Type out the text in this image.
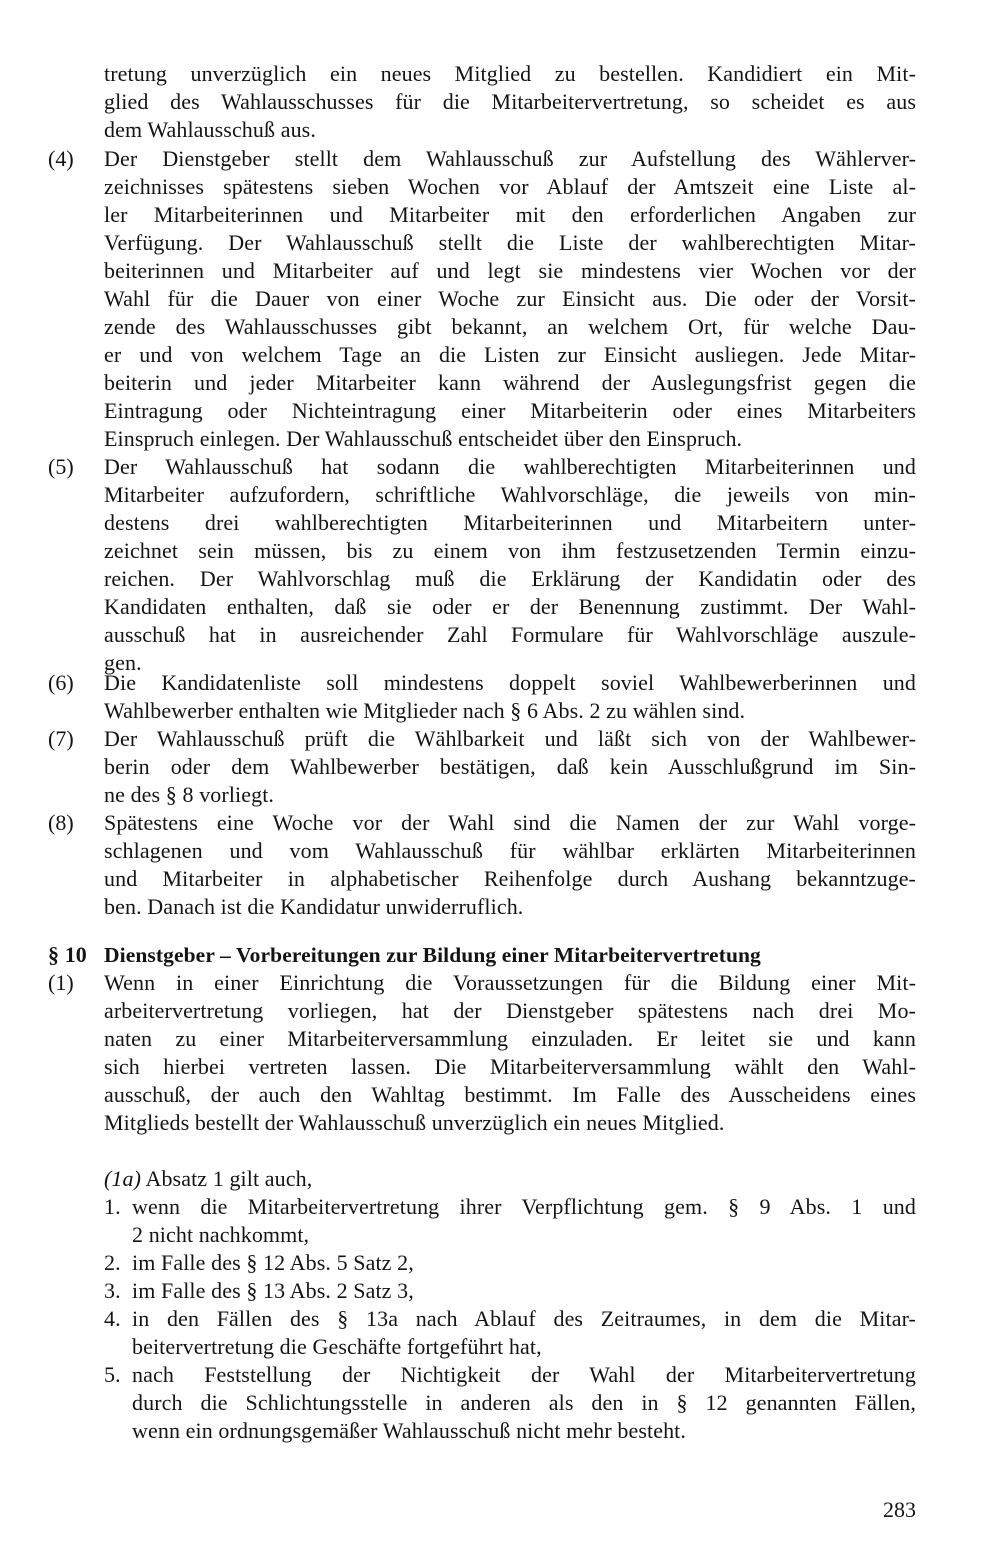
tretung unverzüglich ein neues Mitglied zu bestellen. Kandidiert ein Mit-
glied des Wahlausschusses für die Mitarbeitervertretung, so scheidet es aus
dem Wahlausschuß aus.
(4) Der Dienstgeber stellt dem Wahlausschuß zur Aufstellung des Wählerver-
zeichnisses spätestens sieben Wochen vor Ablauf der Amtszeit eine Liste al-
ler Mitarbeiterinnen und Mitarbeiter mit den erforderlichen Angaben zur
Verfügung. Der Wahlausschuß stellt die Liste der wahlberechtigten Mitar-
beiterinnen und Mitarbeiter auf und legt sie mindestens vier Wochen vor der
Wahl für die Dauer von einer Woche zur Einsicht aus. Die oder der Vorsit-
zende des Wahlausschusses gibt bekannt, an welchem Ort, für welche Dau-
er und von welchem Tage an die Listen zur Einsicht ausliegen. Jede Mitar-
beiterin und jeder Mitarbeiter kann während der Auslegungsfrist gegen die
Eintragung oder Nichteintragung einer Mitarbeiterin oder eines Mitarbeiters
Einspruch einlegen. Der Wahlausschuß entscheidet über den Einspruch.
(5) Der Wahlausschuß hat sodann die wahlberechtigten Mitarbeiterinnen und
Mitarbeiter aufzufordern, schriftliche Wahlvorschläge, die jeweils von min-
destens drei wahlberechtigten Mitarbeiterinnen und Mitarbeitern unter-
zeichnet sein müssen, bis zu einem von ihm festzusetzenden Termin einzu-
reichen. Der Wahlvorschlag muß die Erklärung der Kandidatin oder des
Kandidaten enthalten, daß sie oder er der Benennung zustimmt. Der Wahl-
ausschuß hat in ausreichender Zahl Formulare für Wahlvorschläge auszule-
gen.
(6) Die Kandidatenliste soll mindestens doppelt soviel Wahlbewerberinnen und
Wahlbewerber enthalten wie Mitglieder nach § 6 Abs. 2 zu wählen sind.
(7) Der Wahlausschuß prüft die Wählbarkeit und läßt sich von der Wahlbewer-
berin oder dem Wahlbewerber bestätigen, daß kein Ausschlußgrund im Sin-
ne des § 8 vorliegt.
(8) Spätestens eine Woche vor der Wahl sind die Namen der zur Wahl vorge-
schlagenen und vom Wahlausschuß für wählbar erklärten Mitarbeiterinnen
und Mitarbeiter in alphabetischer Reihenfolge durch Aushang bekanntzuge-
ben. Danach ist die Kandidatur unwiderruflich.
§ 10 Dienstgeber – Vorbereitungen zur Bildung einer Mitarbeitervertretung
(1) Wenn in einer Einrichtung die Voraussetzungen für die Bildung einer Mit-
arbeitervertretung vorliegen, hat der Dienstgeber spätestens nach drei Mo-
naten zu einer Mitarbeiterversammlung einzuladen. Er leitet sie und kann
sich hierbei vertreten lassen. Die Mitarbeiterversammlung wählt den Wahl-
ausschuß, der auch den Wahltag bestimmt. Im Falle des Ausscheidens eines
Mitglieds bestellt der Wahlausschuß unverzüglich ein neues Mitglied.
(1a) Absatz 1 gilt auch,
1. wenn die Mitarbeitervertretung ihrer Verpflichtung gem. § 9 Abs. 1 und
2 nicht nachkommt,
2. im Falle des § 12 Abs. 5 Satz 2,
3. im Falle des § 13 Abs. 2 Satz 3,
4. in den Fällen des § 13a nach Ablauf des Zeitraumes, in dem die Mitar-
beitervertretung die Geschäfte fortgeführt hat,
5. nach Feststellung der Nichtigkeit der Wahl der Mitarbeitervertretung
durch die Schlichtungsstelle in anderen als den in § 12 genannten Fällen,
wenn ein ordnungsgemäßer Wahlausschuß nicht mehr besteht.
283
